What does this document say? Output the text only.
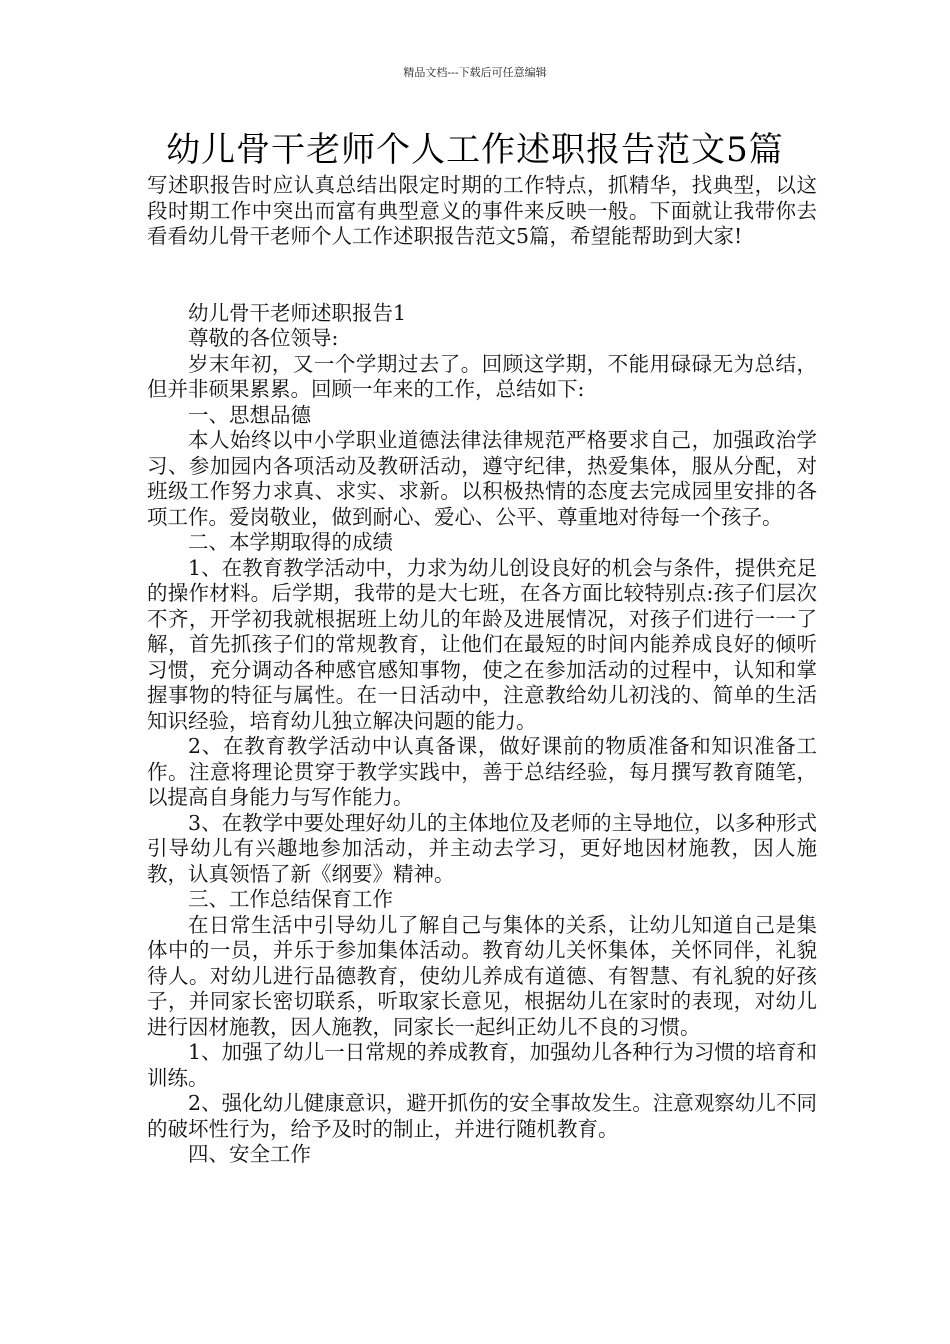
精品文档---下载后可任意编辑
幼儿骨干老师个人工作述职报告范文5篇

写述职报告时应认真总结出限定时期的工作特点，抓精华，找典型，以这段时期工作中突出而富有典型意义的事件来反映一般。下面就让我带你去看看幼儿骨干老师个人工作述职报告范文5篇，希望能帮助到大家!

幼儿骨干老师述职报告1

尊敬的各位领导:

岁末年初，又一个学期过去了。回顾这学期，不能用碌碌无为总结，但并非硕果累累。回顾一年来的工作，总结如下:

一、思想品德

本人始终以中小学职业道德法律法律规范严格要求自己，加强政治学习、参加园内各项活动及教研活动，遵守纪律，热爱集体，服从分配，对班级工作努力求真、求实、求新。以积极热情的态度去完成园里安排的各项工作。爱岗敬业，做到耐心、爱心、公平、尊重地对待每一个孩子。

二、本学期取得的成绩

1、在教育教学活动中，力求为幼儿创设良好的机会与条件，提供充足的操作材料。后学期，我带的是大七班，在各方面比较特别点:孩子们层次不齐，开学初我就根据班上幼儿的年龄及进展情况，对孩子们进行一一了解，首先抓孩子们的常规教育，让他们在最短的时间内能养成良好的倾听习惯，充分调动各种感官感知事物，使之在参加活动的过程中，认知和掌握事物的特征与属性。在一日活动中，注意教给幼儿初浅的、简单的生活知识经验，培育幼儿独立解决问题的能力。

2、在教育教学活动中认真备课，做好课前的物质准备和知识准备工作。注意将理论贯穿于教学实践中，善于总结经验，每月撰写教育随笔，以提高自身能力与写作能力。

3、在教学中要处理好幼儿的主体地位及老师的主导地位，以多种形式引导幼儿有兴趣地参加活动，并主动去学习，更好地因材施教，因人施教，认真领悟了新《纲要》精神。

三、工作总结保育工作

在日常生活中引导幼儿了解自己与集体的关系，让幼儿知道自己是集体中的一员，并乐于参加集体活动。教育幼儿关怀集体，关怀同伴，礼貌待人。对幼儿进行品德教育，使幼儿养成有道德、有智慧、有礼貌的好孩子，并同家长密切联系，听取家长意见，根据幼儿在家时的表现，对幼儿进行因材施教，因人施教，同家长一起纠正幼儿不良的习惯。

1、加强了幼儿一日常规的养成教育，加强幼儿各种行为习惯的培育和训练。

2、强化幼儿健康意识，避开抓伤的安全事故发生。注意观察幼儿不同的破坏性行为，给予及时的制止，并进行随机教育。

四、安全工作
